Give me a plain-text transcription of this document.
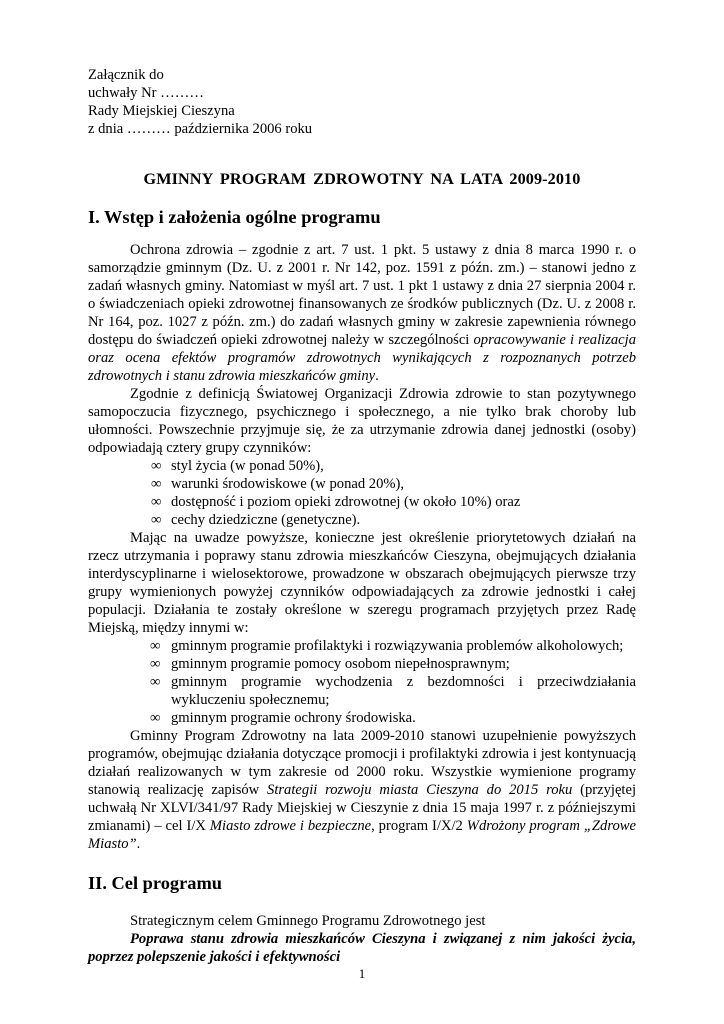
Załącznik do

uchwały Nr ………

Rady Miejskiej Cieszyna

z dnia ……… października 2006 roku

GMINNY PROGRAM ZDROWOTNY NA LATA 2009-2010
I. Wstęp i założenia ogólne programu

Ochrona zdrowia – zgodnie z art. 7 ust. 1 pkt. 5 ustawy z dnia 8 marca 1990 r. o samorządzie gminnym (Dz. U. z 2001 r. Nr 142, poz. 1591 z późn. zm.) – stanowi jedno z zadań własnych gminy. Natomiast w myśl art. 7 ust. 1 pkt 1 ustawy z dnia 27 sierpnia 2004 r. o świadczeniach opieki zdrowotnej finansowanych ze środków publicznych (Dz. U. z 2008 r. Nr 164, poz. 1027 z późn. zm.) do zadań własnych gminy w zakresie zapewnienia równego dostępu do świadczeń opieki zdrowotnej należy w szczególności opracowywanie i realizacja oraz ocena efektów programów zdrowotnych wynikających z rozpoznanych potrzeb zdrowotnych i stanu zdrowia mieszkańców gminy.

Zgodnie z definicją Światowej Organizacji Zdrowia zdrowie to stan pozytywnego samopoczucia fizycznego, psychicznego i społecznego, a nie tylko brak choroby lub ułomności. Powszechnie przyjmuje się, że za utrzymanie zdrowia danej jednostki (osoby) odpowiadają cztery grupy czynników:

∞ styl życia (w ponad 50%),
∞ warunki środowiskowe (w ponad 20%),
∞ dostępność i poziom opieki zdrowotnej (w około 10%) oraz
∞ cechy dziedziczne (genetyczne).

Mając na uwadze powyższe, konieczne jest określenie priorytetowych działań na rzecz utrzymania i poprawy stanu zdrowia mieszkańców Cieszyna, obejmujących działania interdyscyplinarne i wielosektorowe, prowadzone w obszarach obejmujących pierwsze trzy grupy wymienionych powyżej czynników odpowiadających za zdrowie jednostki i całej populacji. Działania te zostały określone w szeregu programach przyjętych przez Radę Miejską, między innymi w:

∞ gminnym programie profilaktyki i rozwiązywania problemów alkoholowych;
∞ gminnym programie pomocy osobom niepełnosprawnym;
∞ gminnym programie wychodzenia z bezdomności i przeciwdziałania wykluczeniu społecznemu;
∞ gminnym programie ochrony środowiska.

Gminny Program Zdrowotny na lata 2009-2010 stanowi uzupełnienie powyższych programów, obejmując działania dotyczące promocji i profilaktyki zdrowia i jest kontynuacją działań realizowanych w tym zakresie od 2000 roku. Wszystkie wymienione programy stanowią realizację zapisów Strategii rozwoju miasta Cieszyna do 2015 roku (przyjętej uchwałą Nr XLVI/341/97 Rady Miejskiej w Cieszynie z dnia 15 maja 1997 r. z późniejszymi zmianami) – cel I/X Miasto zdrowe i bezpieczne, program I/X/2 Wdrożony program „Zdrowe Miasto”.

II. Cel programu

Strategicznym celem Gminnego Programu Zdrowotnego jest

Poprawa stanu zdrowia mieszkańców Cieszyna i związanej z nim jakości życia, poprzez polepszenie jakości i efektywności

1
